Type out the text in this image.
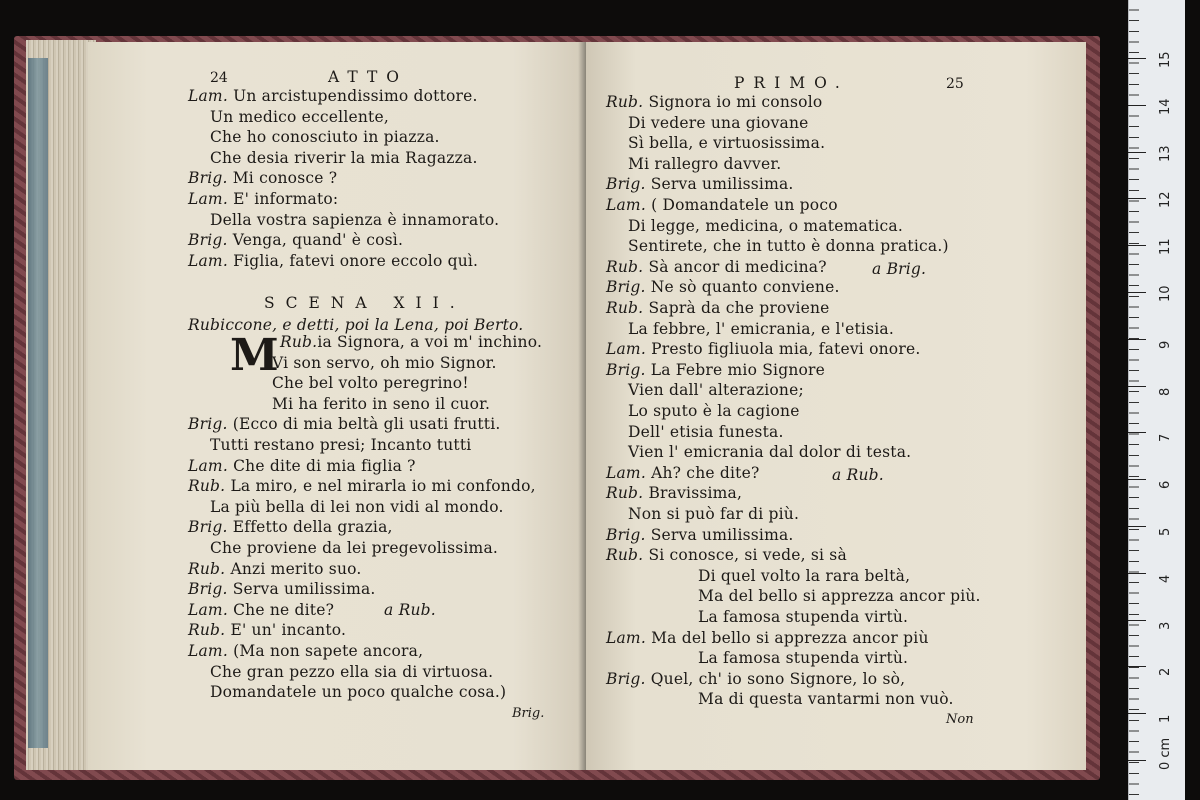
24	ATTO
Lam. Un arcistupendissimo dottore.
Un medico eccellente,
Che ho conosciuto in piazza.
Che desia riverir la mia Ragazza.
Brig. Mi conosce ?
Lam. E' informato:
Della vostra sapienza è innamorato.
Brig. Venga, quand' è così.
Lam. Figlia, fatevi onore eccolo quì.
SCENA XII.
Rubiccone, e detti, poi la Lena, poi Berto.
M Rub.ia Signora, a voi m' inchino.
Vi son servo, oh mio Signor.
Che bel volto peregrino!
Mi ha ferito in seno il cuor.
Brig. (Ecco di mia beltà gli usati frutti.
Tutti restano presi; Incanto tutti
Lam. Che dite di mia figlia ?
Rub. La miro, e nel mirarla io mi confondo,
La più bella di lei non vidi al mondo.
Brig. Effetto della grazia,
Che proviene da lei pregevolissima.
Rub. Anzi merito suo.
Brig. Serva umilissima.
Lam. Che ne dite?
Rub. E' un' incanto.
Lam. (Ma non sapete ancora,
Che gran pezzo ella sia di virtuosa.
Domandatele un poco qualche cosa.)
a Rub.
Brig.
PRIMO.	25
Rub. Signora io mi consolo
Di vedere una giovane
Sì bella, e virtuosissima.
Mi rallegro davver.
Brig. Serva umilissima.
Lam. ( Domandatele un poco
Di legge, medicina, o matematica.
Sentirete, che in tutto è donna pratica.)
Rub. Sà ancor di medicina?
Brig. Ne sò quanto conviene.
Rub. Saprà da che proviene
La febbre, l' emicrania, e l'etisia.
Lam. Presto figliuola mia, fatevi onore.
Brig. La Febre mio Signore
Vien dall' alterazione;
Lo sputo è la cagione
Dell' etisia funesta.
Vien l' emicrania dal dolor di testa.
Lam. Ah? che dite?
Rub. Bravissima,
Non si può far di più.
Brig. Serva umilissima.
Rub. Si conosce, si vede, si sà
Di quel volto la rara beltà,
Ma del bello si apprezza ancor più.
La famosa stupenda virtù.
Lam. Ma del bello si apprezza ancor più
La famosa stupenda virtù.
Brig. Quel, ch' io sono Signore, lo sò,
Ma di questa vantarmi non vuò.
a Brig.
a Rub.
Non
15
14
13
12
11
10
9
8
7
6
5
4
3
2
1
0 cm
